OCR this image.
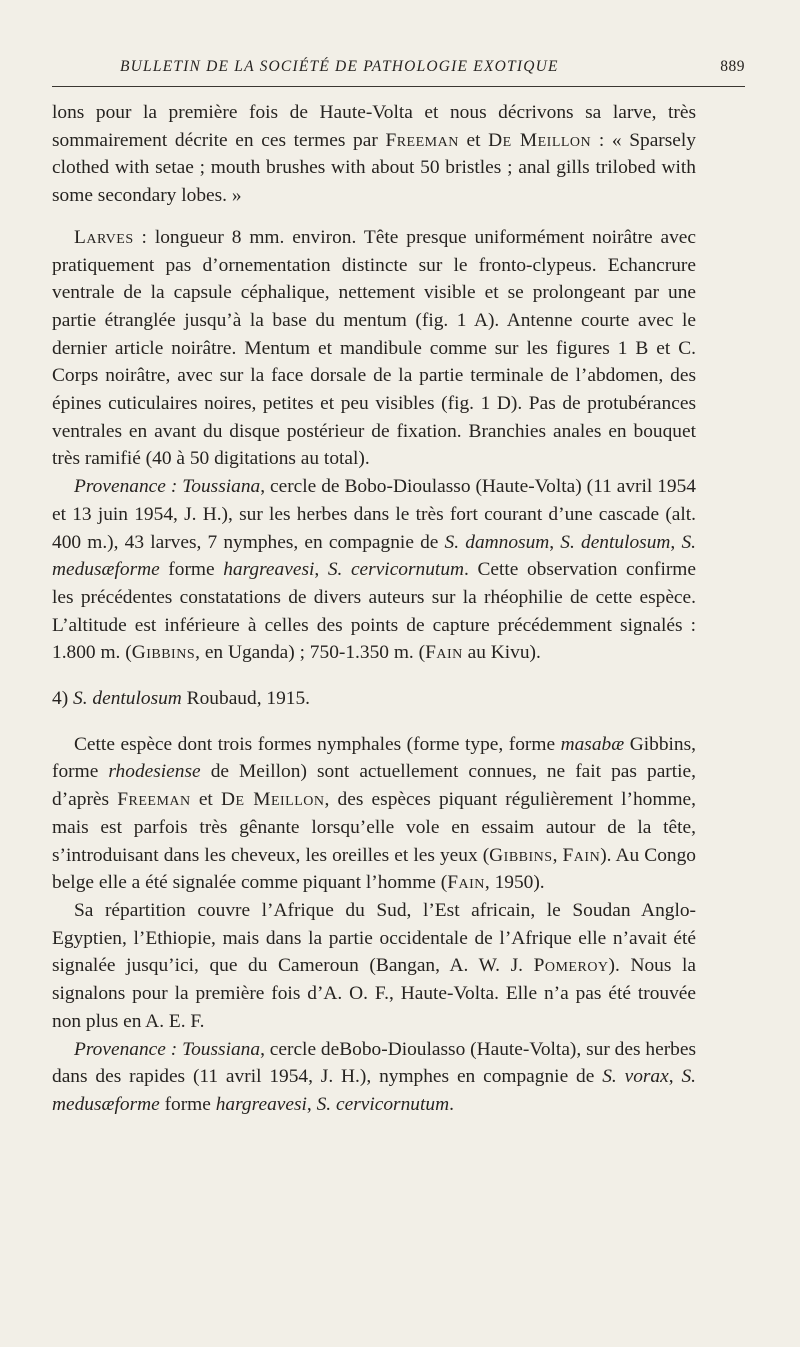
BULLETIN DE LA SOCIÉTÉ DE PATHOLOGIE EXOTIQUE	889

lons pour la première fois de Haute-Volta et nous décrivons sa larve, très sommairement décrite en ces termes par Freeman et De Meillon : « Sparsely clothed with setae ; mouth brushes with about 50 bristles ; anal gills trilobed with some secondary lobes. »

Larves : longueur 8 mm. environ. Tête presque uniformément noirâtre avec pratiquement pas d’ornementation distincte sur le fronto-clypeus. Echancrure ventrale de la capsule céphalique, nettement visible et se prolongeant par une partie étranglée jusqu’à la base du mentum (fig. 1 A). Antenne courte avec le dernier article noirâtre. Mentum et mandibule comme sur les figures 1 B et C. Corps noirâtre, avec sur la face dorsale de la partie terminale de l’abdomen, des épines cuticulaires noires, petites et peu visibles (fig. 1 D). Pas de protubérances ventrales en avant du disque postérieur de fixation. Branchies anales en bouquet très ramifié (40 à 50 digitations au total).

Provenance : Toussiana, cercle de Bobo-Dioulasso (Haute-Volta) (11 avril 1954 et 13 juin 1954, J. H.), sur les herbes dans le très fort courant d’une cascade (alt. 400 m.), 43 larves, 7 nymphes, en compagnie de S. damnosum, S. dentulosum, S. medusæforme forme hargreavesi, S. cervicornutum. Cette observation confirme les précédentes constatations de divers auteurs sur la rhéophilie de cette espèce. L’altitude est inférieure à celles des points de capture précédemment signalés : 1.800 m. (Gibbins, en Uganda) ; 750-1.350 m. (Fain au Kivu).

4) S. dentulosum Roubaud, 1915.

Cette espèce dont trois formes nymphales (forme type, forme masabæ Gibbins, forme rhodesiense de Meillon) sont actuellement connues, ne fait pas partie, d’après Freeman et De Meillon, des espèces piquant régulièrement l’homme, mais est parfois très gênante lorsqu’elle vole en essaim autour de la tête, s’introduisant dans les cheveux, les oreilles et les yeux (Gibbins, Fain). Au Congo belge elle a été signalée comme piquant l’homme (Fain, 1950).

Sa répartition couvre l’Afrique du Sud, l’Est africain, le Soudan Anglo-Egyptien, l’Ethiopie, mais dans la partie occidentale de l’Afrique elle n’avait été signalée jusqu’ici, que du Cameroun (Bangan, A. W. J. Pomeroy). Nous la signalons pour la première fois d’A. O. F., Haute-Volta. Elle n’a pas été trouvée non plus en A. E. F.

Provenance : Toussiana, cercle deBobo-Dioulasso (Haute-Volta), sur des herbes dans des rapides (11 avril 1954, J. H.), nymphes en compagnie de S. vorax, S. medusæforme forme hargreavesi, S. cervicornutum.
